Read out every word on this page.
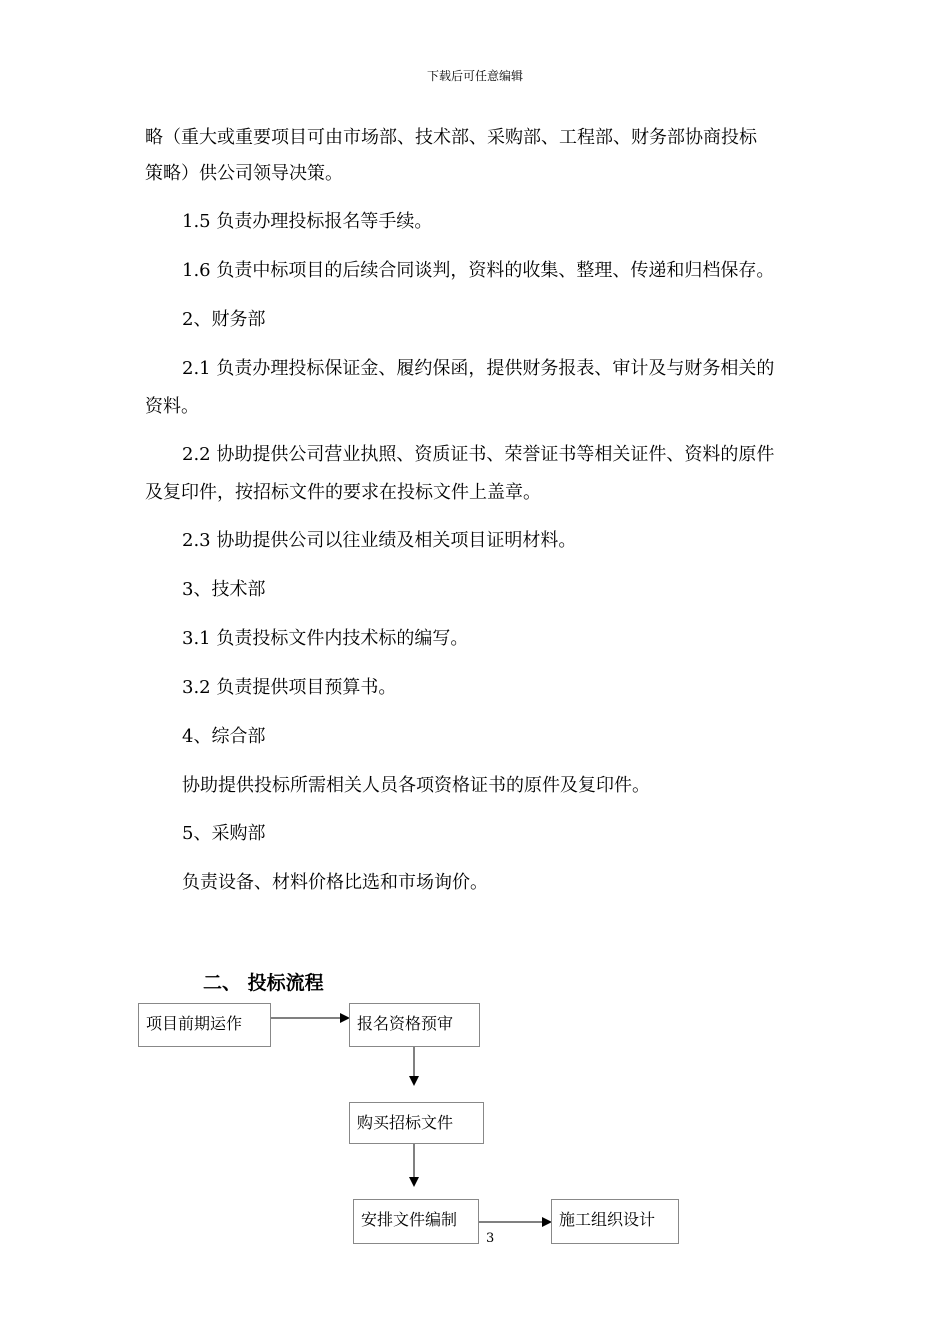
下载后可任意编辑
略（重大或重要项目可由市场部、技术部、采购部、工程部、财务部协商投标
策略）供公司领导决策。
1.5 负责办理投标报名等手续。
1.6 负责中标项目的后续合同谈判，资料的收集、整理、传递和归档保存。
2、财务部
2.1 负责办理投标保证金、履约保函，提供财务报表、审计及与财务相关的
资料。
2.2 协助提供公司营业执照、资质证书、荣誉证书等相关证件、资料的原件
及复印件，按招标文件的要求在投标文件上盖章。
2.3 协助提供公司以往业绩及相关项目证明材料。
3、技术部
3.1 负责投标文件内技术标的编写。
3.2 负责提供项目预算书。
4、综合部
协助提供投标所需相关人员各项资格证书的原件及复印件。
5、采购部
负责设备、材料价格比选和市场询价。
二、 投标流程
项目前期运作	报名资格预审
购买招标文件
安排文件编制	施工组织设计
3
